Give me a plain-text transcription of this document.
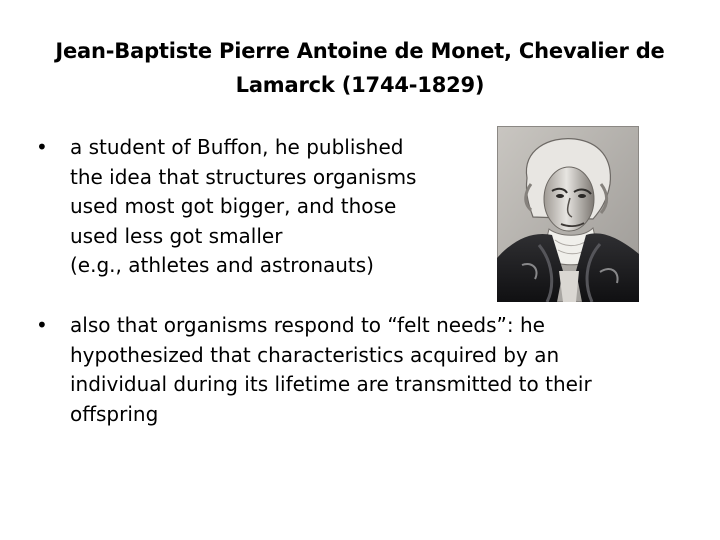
Jean-Baptiste Pierre Antoine de Monet, Chevalier de
Lamarck (1744-1829)
•	a student of Buffon, he published
the idea that structures organisms
used most got bigger, and those
used less got smaller
(e.g., athletes and astronauts)
•	also that organisms respond to “felt needs”: he
hypothesized that characteristics acquired by an
individual during its lifetime are transmitted to their
offspring
